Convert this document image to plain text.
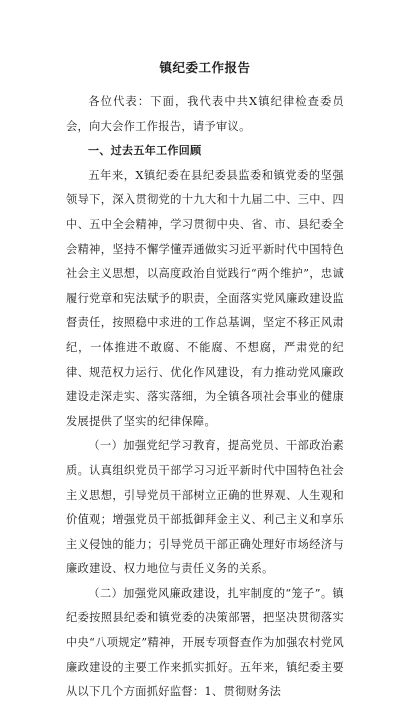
镇纪委工作报告

各位代表：下面，我代表中共X镇纪律检查委员会，向大会作工作报告，请予审议。

一、过去五年工作回顾

五年来，X镇纪委在县纪委县监委和镇党委的坚强领导下，深入贯彻党的十九大和十九届二中、三中、四中、五中全会精神，学习贯彻中央、省、市、县纪委全会精神，坚持不懈学懂弄通做实习近平新时代中国特色社会主义思想，以高度政治自觉践行“两个维护”，忠诚履行党章和宪法赋予的职责，全面落实党风廉政建设监督责任，按照稳中求进的工作总基调，坚定不移正风肃纪，一体推进不敢腐、不能腐、不想腐，严肃党的纪律、规范权力运行、优化作风建设，有力推动党风廉政建设走深走实、落实落细，为全镇各项社会事业的健康发展提供了坚实的纪律保障。

（一）加强党纪学习教育，提高党员、干部政治素质。认真组织党员干部学习习近平新时代中国特色社会主义思想，引导党员干部树立正确的世界观、人生观和价值观；增强党员干部抵御拜金主义、利己主义和享乐主义侵蚀的能力；引导党员干部正确处理好市场经济与廉政建设、权力地位与责任义务的关系。

（二）加强党风廉政建设，扎牢制度的“笼子”。镇纪委按照县纪委和镇党委的决策部署，把坚决贯彻落实中央“八项规定”精神，开展专项督查作为加强农村党风廉政建设的主要工作来抓实抓好。五年来，镇纪委主要从以下几个方面抓好监督：1、贯彻财务法
